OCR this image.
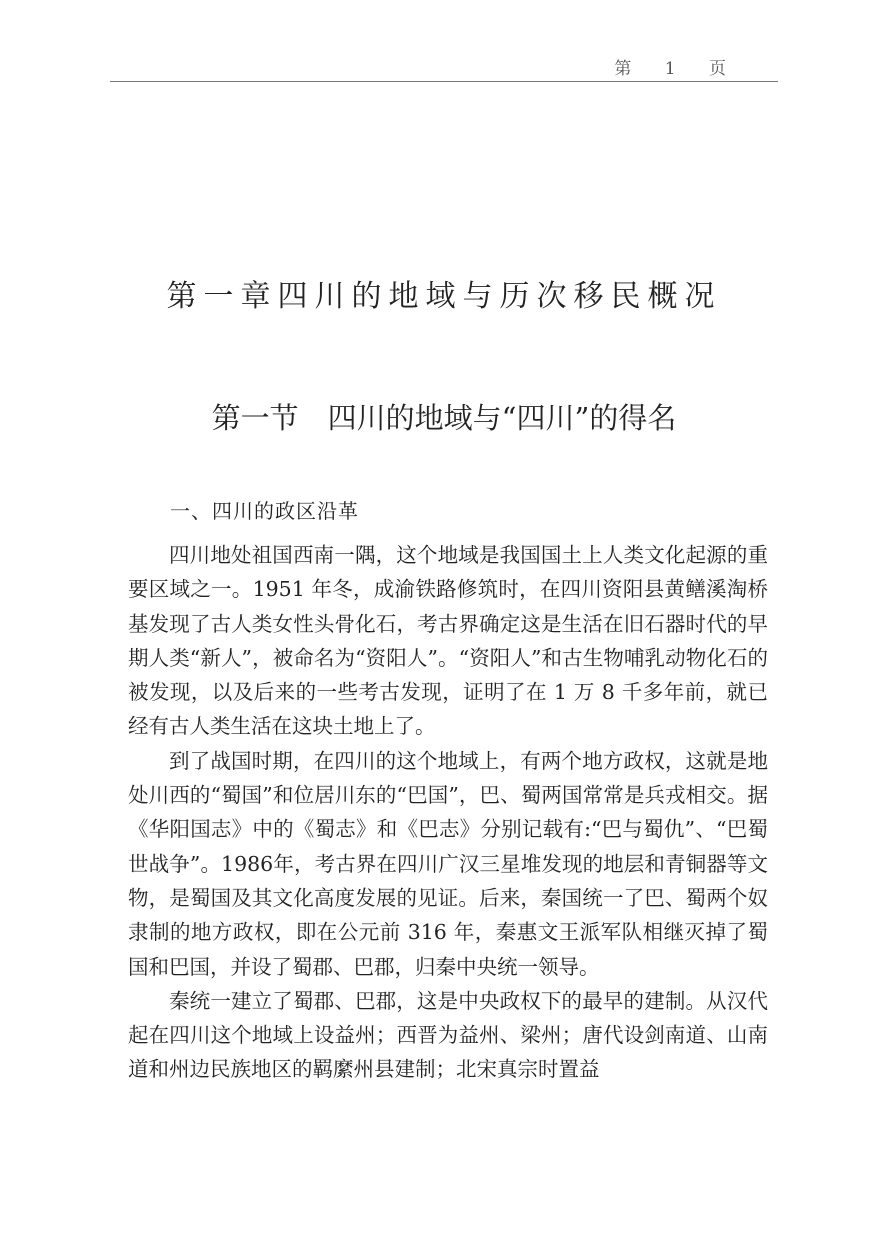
第 1 页
第一章四川的地域与历次移民概况
第一节　四川的地域与“四川”的得名
一、四川的政区沿革

四川地处祖国西南一隅，这个地域是我国国土上人类文化起源的重要区域之一。1951 年冬，成渝铁路修筑时，在四川资阳县黄鳝溪淘桥基发现了古人类女性头骨化石，考古界确定这是生活在旧石器时代的早期人类“新人”，被命名为“资阳人”。“资阳人”和古生物哺乳动物化石的被发现，以及后来的一些考古发现，证明了在 1 万 8 千多年前，就已经有古人类生活在这块土地上了。

到了战国时期，在四川的这个地域上，有两个地方政权，这就是地处川西的“蜀国”和位居川东的“巴国”，巴、蜀两国常常是兵戎相交。据《华阳国志》中的《蜀志》和《巴志》分别记载有:“巴与蜀仇”、“巴蜀世战争”。1986年，考古界在四川广汉三星堆发现的地层和青铜器等文物，是蜀国及其文化高度发展的见证。后来，秦国统一了巴、蜀两个奴隶制的地方政权，即在公元前 316 年，秦惠文王派军队相继灭掉了蜀国和巴国，并设了蜀郡、巴郡，归秦中央统一领导。

秦统一建立了蜀郡、巴郡，这是中央政权下的最早的建制。从汉代起在四川这个地域上设益州；西晋为益州、梁州；唐代设剑南道、山南道和州边民族地区的羁縻州县建制；北宋真宗时置益
